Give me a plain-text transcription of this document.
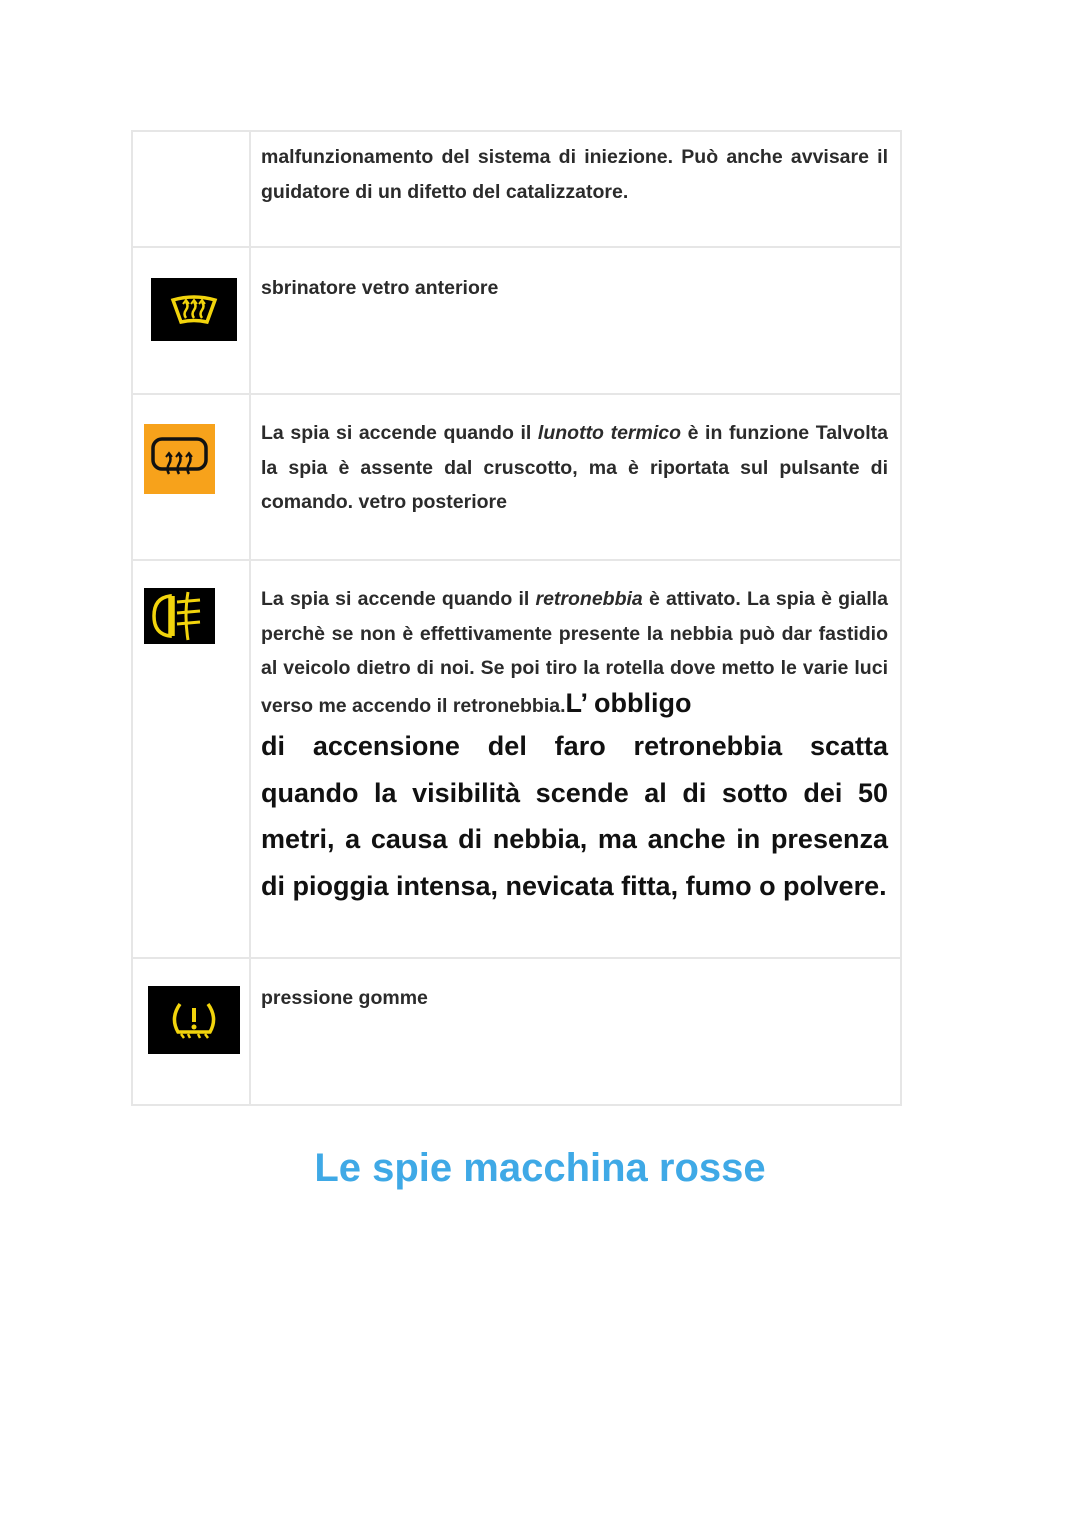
	malfunzionamento del sistema di iniezione. Può anche avvisare il guidatore di un difetto del catalizzatore.

sbrinatore vetro anteriore

La spia si accende quando il lunotto termico è in funzione Talvolta la spia è assente dal cruscotto, ma è riportata sul pulsante di comando. vetro posteriore

La spia si accende quando il retronebbia è attivato. La spia è gialla perchè se non è effettivamente presente la nebbia può dar fastidio al veicolo dietro di noi. Se poi tiro la rotella dove metto le varie luci verso me accendo il retronebbia.L’ obbligo

di accensione del faro retronebbia scatta quando la visibilità scende al di sotto dei 50 metri, a causa di nebbia, ma anche in presenza di pioggia intensa, nevicata fitta, fumo o polvere.

pressione gomme

Le spie macchina rosse
